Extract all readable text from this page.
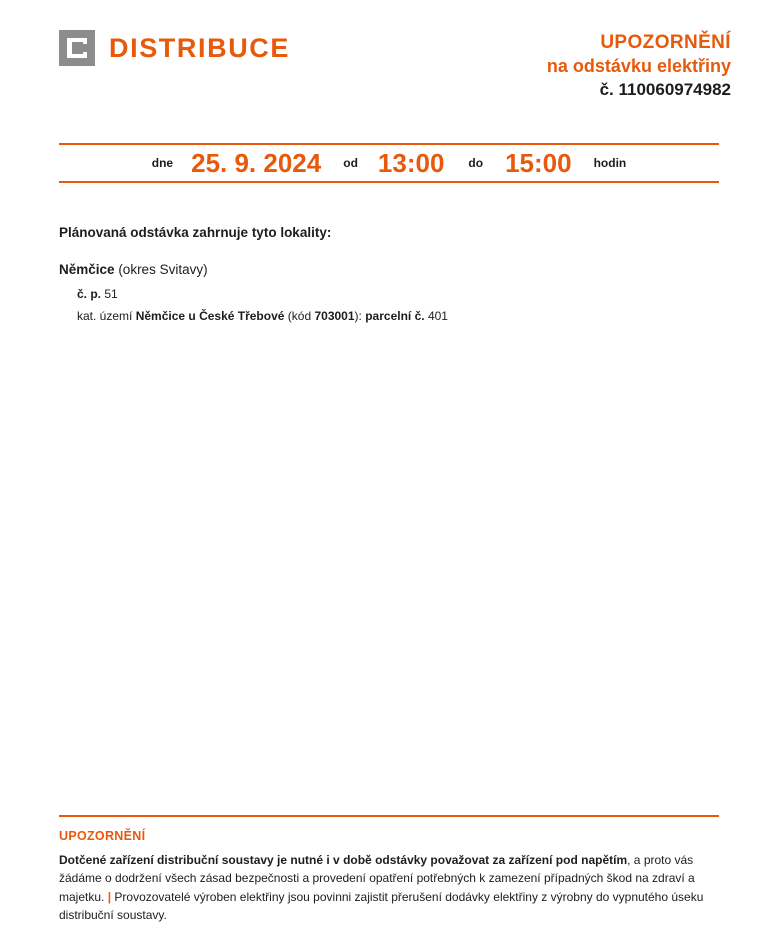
DISTRIBUCE	UPOZORNĚNÍ
na odstávku elektřiny
č. 110060974982
dne 25. 9. 2024 od 13:00 do 15:00 hodin
Plánovaná odstávka zahrnuje tyto lokality:
Němčice (okres Svitavy)
č. p. 51
kat. území Němčice u České Třebové (kód 703001): parcelní č. 401
UPOZORNĚNÍ
Dotčené zařízení distribuční soustavy je nutné i v době odstávky považovat za zařízení pod napětím, a proto vás žádáme o dodržení všech zásad bezpečnosti a provedení opatření potřebných k zamezení případných škod na zdraví a majetku. | Provozovatelé výroben elektřiny jsou povinni zajistit přerušení dodávky elektřiny z výrobny do vypnutého úseku distribuční soustavy.
